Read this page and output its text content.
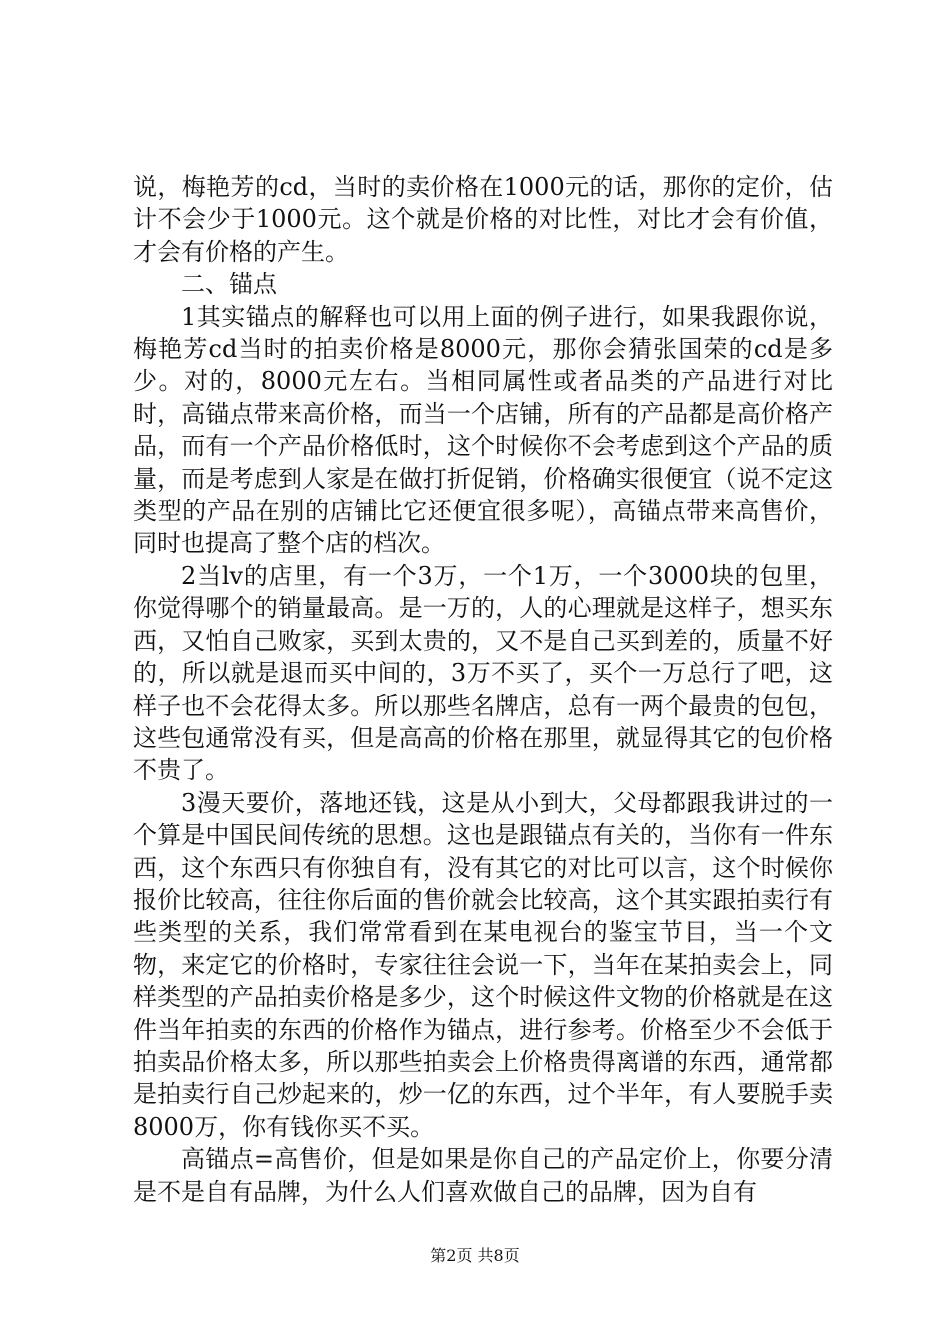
说，梅艳芳的cd，当时的卖价格在1000元的话，那你的定价，估计不会少于1000元。这个就是价格的对比性，对比才会有价值，才会有价格的产生。

二、锚点

1其实锚点的解释也可以用上面的例子进行，如果我跟你说，梅艳芳cd当时的拍卖价格是8000元，那你会猜张国荣的cd是多少。对的，8000元左右。当相同属性或者品类的产品进行对比时，高锚点带来高价格，而当一个店铺，所有的产品都是高价格产品，而有一个产品价格低时，这个时候你不会考虑到这个产品的质量，而是考虑到人家是在做打折促销，价格确实很便宜（说不定这类型的产品在别的店铺比它还便宜很多呢），高锚点带来高售价，同时也提高了整个店的档次。

2当lv的店里，有一个3万，一个1万，一个3000块的包里，你觉得哪个的销量最高。是一万的，人的心理就是这样子，想买东西，又怕自己败家，买到太贵的，又不是自己买到差的，质量不好的，所以就是退而买中间的，3万不买了，买个一万总行了吧，这样子也不会花得太多。所以那些名牌店，总有一两个最贵的包包，这些包通常没有买，但是高高的价格在那里，就显得其它的包价格不贵了。

3漫天要价，落地还钱，这是从小到大，父母都跟我讲过的一个算是中国民间传统的思想。这也是跟锚点有关的，当你有一件东西，这个东西只有你独自有，没有其它的对比可以言，这个时候你报价比较高，往往你后面的售价就会比较高，这个其实跟拍卖行有些类型的关系，我们常常看到在某电视台的鉴宝节目，当一个文物，来定它的价格时，专家往往会说一下，当年在某拍卖会上，同样类型的产品拍卖价格是多少，这个时候这件文物的价格就是在这件当年拍卖的东西的价格作为锚点，进行参考。价格至少不会低于拍卖品价格太多，所以那些拍卖会上价格贵得离谱的东西，通常都是拍卖行自己炒起来的，炒一亿的东西，过个半年，有人要脱手卖8000万，你有钱你买不买。

高锚点=高售价，但是如果是你自己的产品定价上，你要分清是不是自有品牌，为什么人们喜欢做自己的品牌，因为自有

第2页 共8页
